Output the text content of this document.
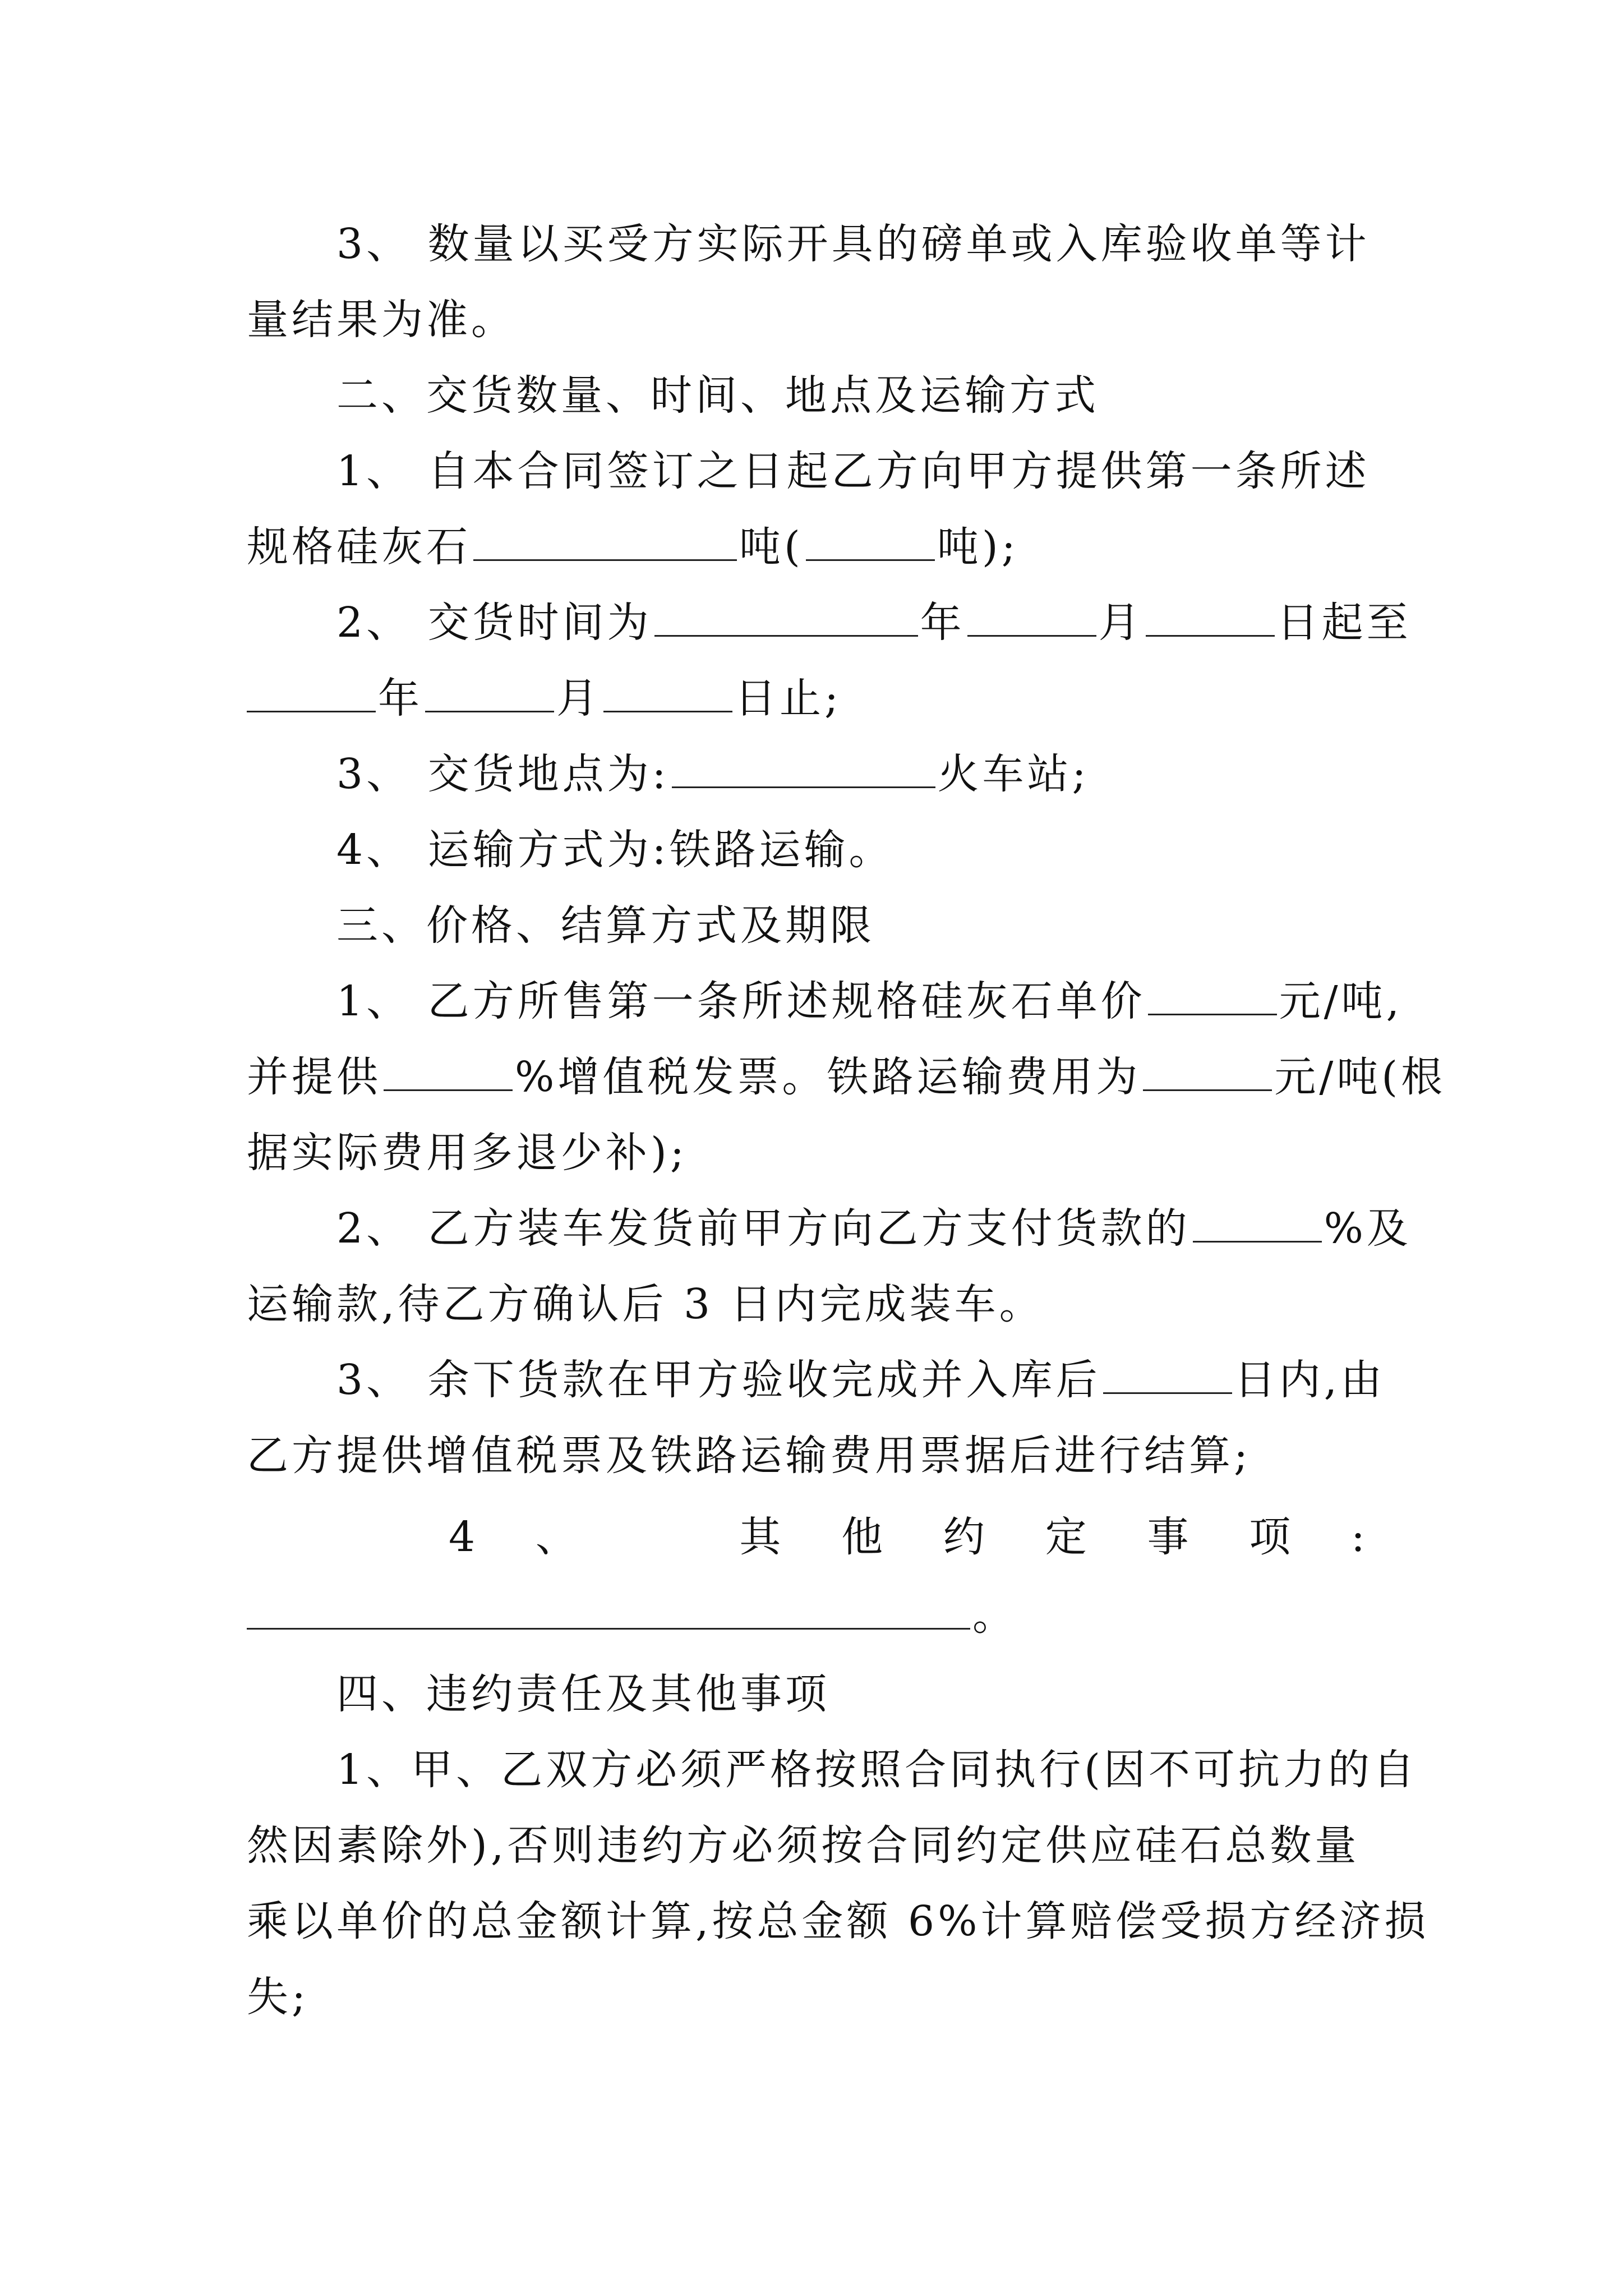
3、 数量以买受方实际开具的磅单或入库验收单等计
量结果为准。
二、交货数量、时间、地点及运输方式
1、 自本合同签订之日起乙方向甲方提供第一条所述
规格硅灰石	吨(	吨);
2、 交货时间为	年	月	日起至
年	月	日止;
3、 交货地点为:	火车站;
4、 运输方式为:铁路运输。
三、价格、结算方式及期限
1、 乙方所售第一条所述规格硅灰石单价	元/吨,
并提供	%增值税发票。铁路运输费用为	元/吨(根
据实际费用多退少补);
2、 乙方装车发货前甲方向乙方支付货款的	%及
运输款,待乙方确认后 3 日内完成装车。
3、 余下货款在甲方验收完成并入库后	日内,由
乙方提供增值税票及铁路运输费用票据后进行结算;
4 、	其 他 约 定 事 项 :
。
四、违约责任及其他事项
1、甲、乙双方必须严格按照合同执行(因不可抗力的自
然因素除外),否则违约方必须按合同约定供应硅石总数量
乘以单价的总金额计算,按总金额 6%计算赔偿受损方经济损
失;
